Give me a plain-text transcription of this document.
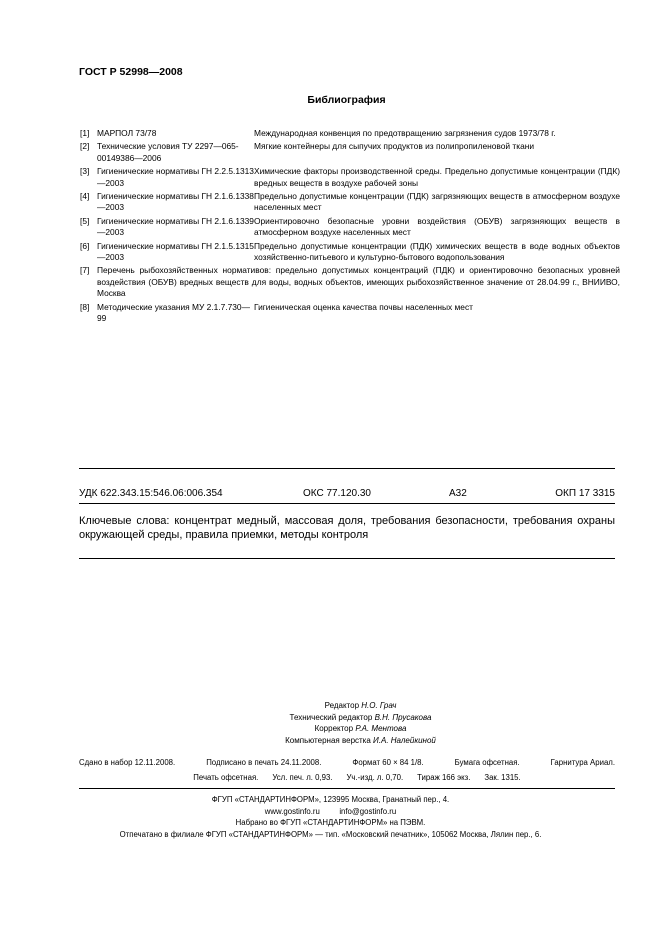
ГОСТ Р 52998—2008
Библиография
[1] МАРПОЛ 73/78	Международная конвенция по предотвращению загрязнения судов 1973/78 г.
[2] Технические условия ТУ 2297—065-00149386—2006
Мягкие контейнеры для сыпучих продуктов из полипропиленовой ткани
[3] Гигиенические нормативы ГН 2.2.5.1313—2003
Химические факторы производственной среды. Предельно допустимые концентрации (ПДК) вредных веществ в воздухе рабочей зоны
[4] Гигиенические нормативы ГН 2.1.6.1338—2003
Предельно допустимые концентрации (ПДК) загрязняющих веществ в атмосферном воздухе населенных мест
[5] Гигиенические нормативы ГН 2.1.6.1339—2003
Ориентировочно безопасные уровни воздействия (ОБУВ) загрязняющих веществ в атмосферном воздухе населенных мест
[6] Гигиенические нормативы ГН 2.1.5.1315—2003
Предельно допустимые концентрации (ПДК) химических веществ в воде водных объектов хозяйственно-питьевого и культурно-бытового водопользования
[7] Перечень рыбохозяйственных нормативов: предельно допустимых концентраций (ПДК) и ориентировочно безопасных уровней воздействия (ОБУВ) вредных веществ для воды, водных объектов, имеющих рыбохозяйственное значение от 28.04.99 г., ВНИИВО, Москва
[8] Методические указания МУ 2.1.7.730—99
Гигиеническая оценка качества почвы населенных мест
УДК 622.343.15:546.06:006.354	ОКС 77.120.30	А32	ОКП 17 3315
Ключевые слова: концентрат медный, массовая доля, требования безопасности, требования охраны окружающей среды, правила приемки, методы контроля
Редактор Н.О. Грач
Технический редактор В.Н. Прусакова
Корректор Р.А. Ментова
Компьютерная верстка И.А. Налейкиной
Сдано в набор 12.11.2008.	Подписано в печать 24.11.2008.	Формат 60 × 84 1/8.	Бумага офсетная.	Гарнитура Ариал.
Печать офсетная. Усл. печ. л. 0,93. Уч.-изд. л. 0,70. Тираж 166 экз. Зак. 1315.
ФГУП «СТАНДАРТИНФОРМ», 123995 Москва, Гранатный пер., 4.
www.gostinfo.ru	info@gostinfo.ru
Набрано во ФГУП «СТАНДАРТИНФОРМ» на ПЭВМ.
Отпечатано в филиале ФГУП «СТАНДАРТИНФОРМ» — тип. «Московский печатник», 105062 Москва, Лялин пер., 6.
